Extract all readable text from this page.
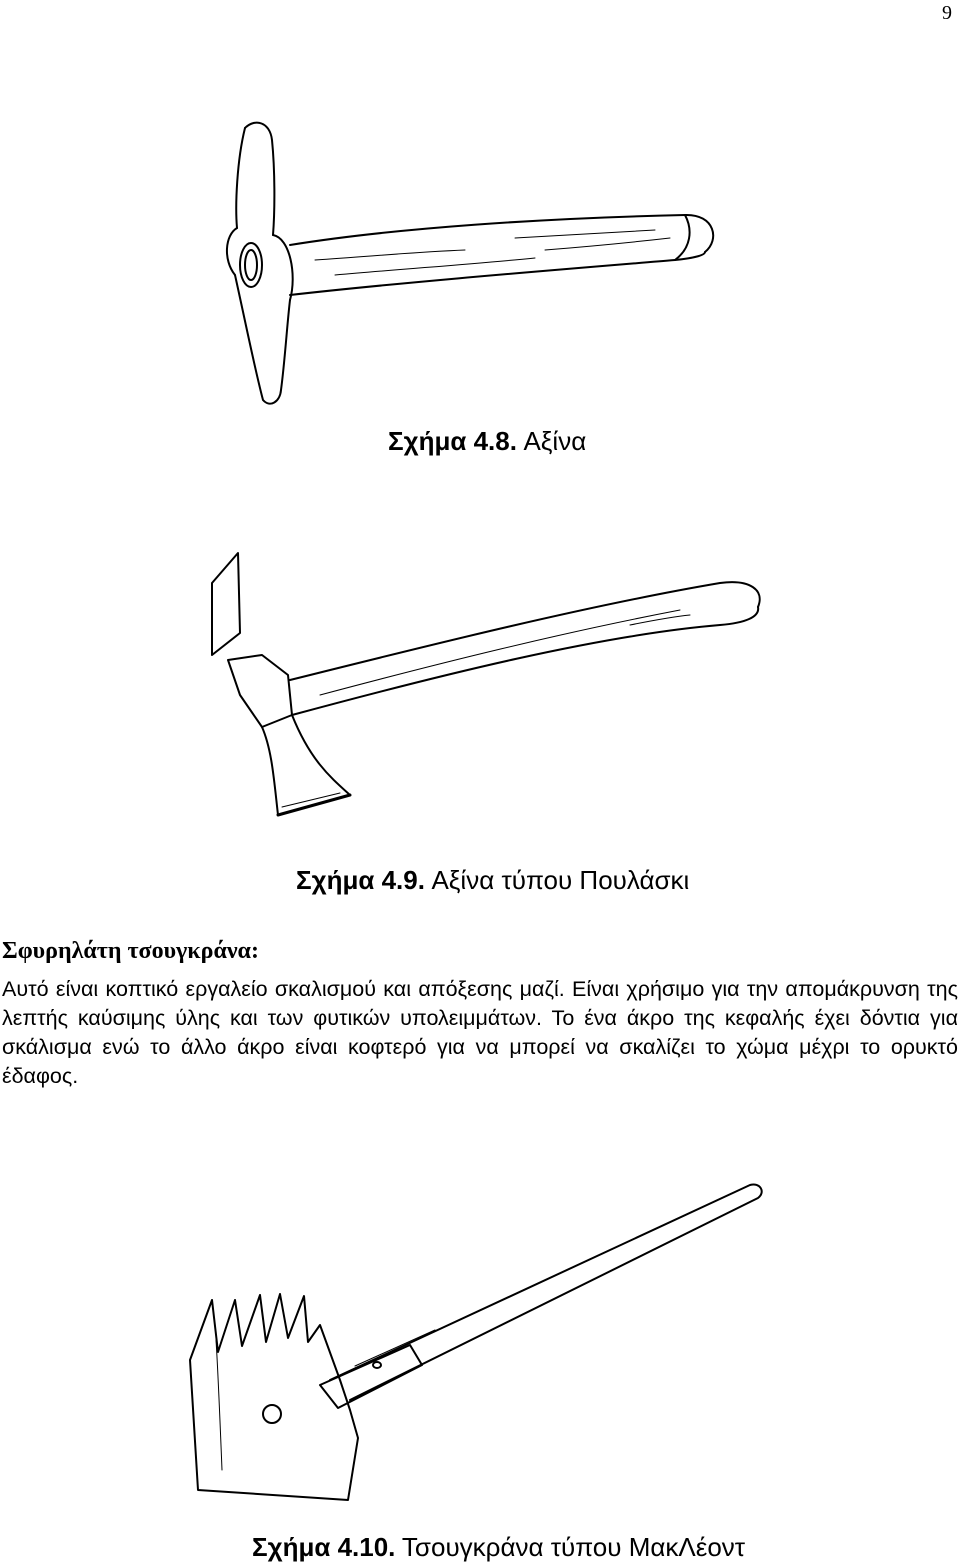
9
Σχήμα 4.8. Αξίνα
Σχήμα 4.9. Αξίνα τύπου Πουλάσκι
Σφυρηλάτη τσουγκράνα:
Αυτό είναι κοπτικό εργαλείο σκαλισμού και απόξεσης μαζί. Είναι χρήσιμο για την απομάκρυνση της λεπτής καύσιμης ύλης και των φυτικών υπολειμμάτων. Το ένα άκρο της κεφαλής έχει δόντια για σκάλισμα ενώ το άλλο άκρο είναι κοφτερό για να μπορεί να σκαλίζει το χώμα μέχρι το ορυκτό έδαφος.
Σχήμα 4.10. Τσουγκράνα τύπου ΜακΛέοντ
